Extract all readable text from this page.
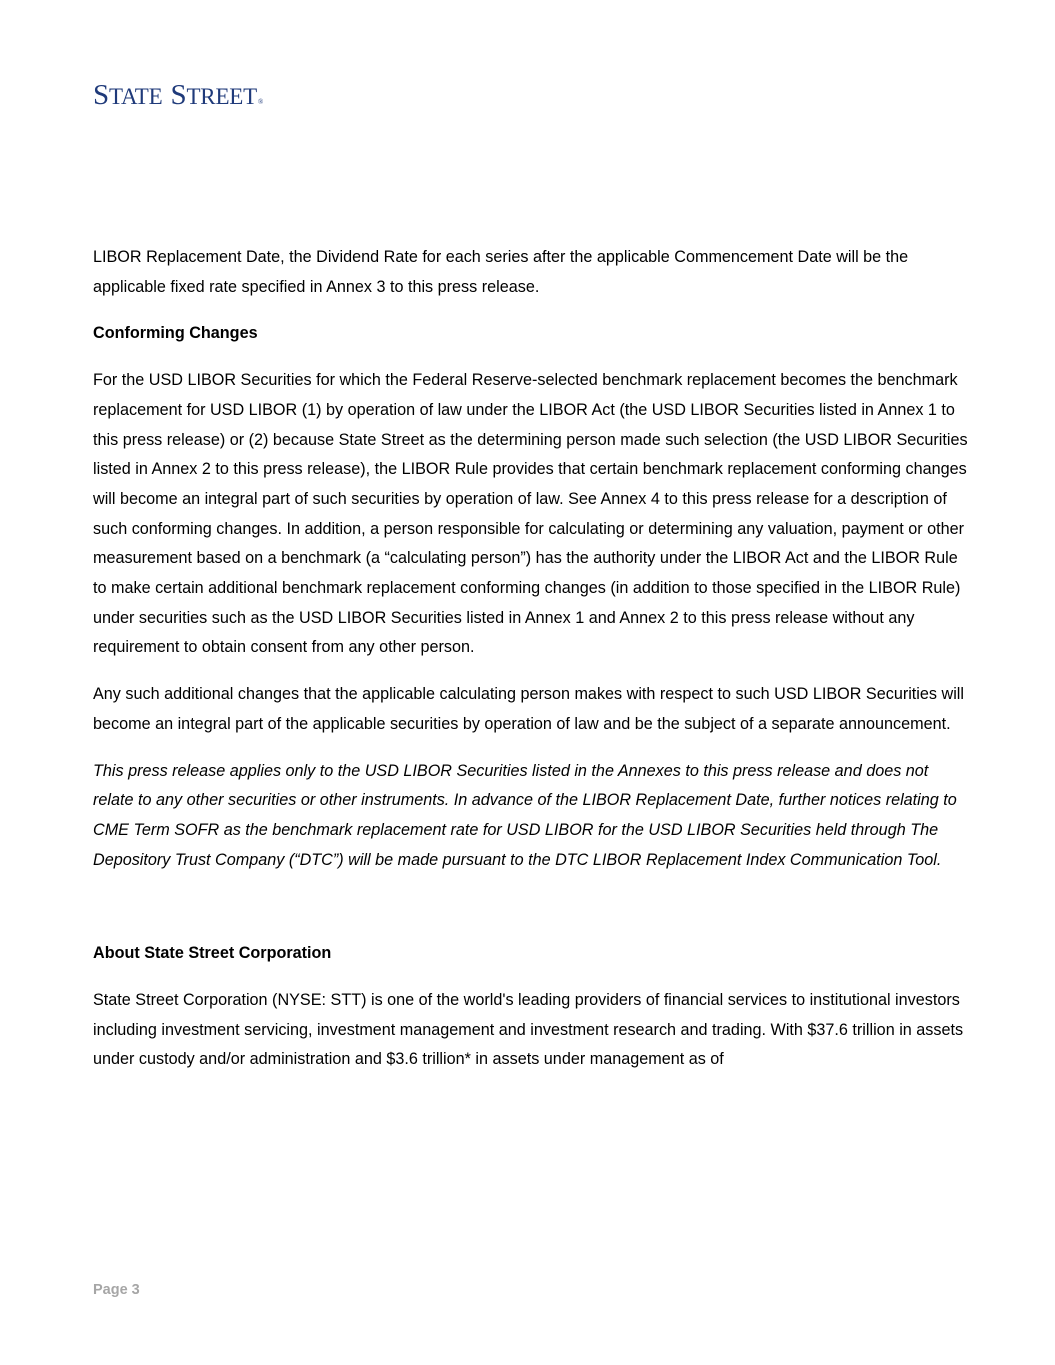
STATE STREET®

LIBOR Replacement Date, the Dividend Rate for each series after the applicable Commencement Date will be the applicable fixed rate specified in Annex 3 to this press release.

Conforming Changes

For the USD LIBOR Securities for which the Federal Reserve-selected benchmark replacement becomes the benchmark replacement for USD LIBOR (1) by operation of law under the LIBOR Act (the USD LIBOR Securities listed in Annex 1 to this press release) or (2) because State Street as the determining person made such selection (the USD LIBOR Securities listed in Annex 2 to this press release), the LIBOR Rule provides that certain benchmark replacement conforming changes will become an integral part of such securities by operation of law. See Annex 4 to this press release for a description of such conforming changes. In addition, a person responsible for calculating or determining any valuation, payment or other measurement based on a benchmark (a “calculating person”) has the authority under the LIBOR Act and the LIBOR Rule to make certain additional benchmark replacement conforming changes (in addition to those specified in the LIBOR Rule) under securities such as the USD LIBOR Securities listed in Annex 1 and Annex 2 to this press release without any requirement to obtain consent from any other person.

Any such additional changes that the applicable calculating person makes with respect to such USD LIBOR Securities will become an integral part of the applicable securities by operation of law and be the subject of a separate announcement.

This press release applies only to the USD LIBOR Securities listed in the Annexes to this press release and does not relate to any other securities or other instruments. In advance of the LIBOR Replacement Date, further notices relating to CME Term SOFR as the benchmark replacement rate for USD LIBOR for the USD LIBOR Securities held through The Depository Trust Company (“DTC”) will be made pursuant to the DTC LIBOR Replacement Index Communication Tool.

About State Street Corporation

State Street Corporation (NYSE: STT) is one of the world's leading providers of financial services to institutional investors including investment servicing, investment management and investment research and trading. With $37.6 trillion in assets under custody and/or administration and $3.6 trillion* in assets under management as of

Page 3
